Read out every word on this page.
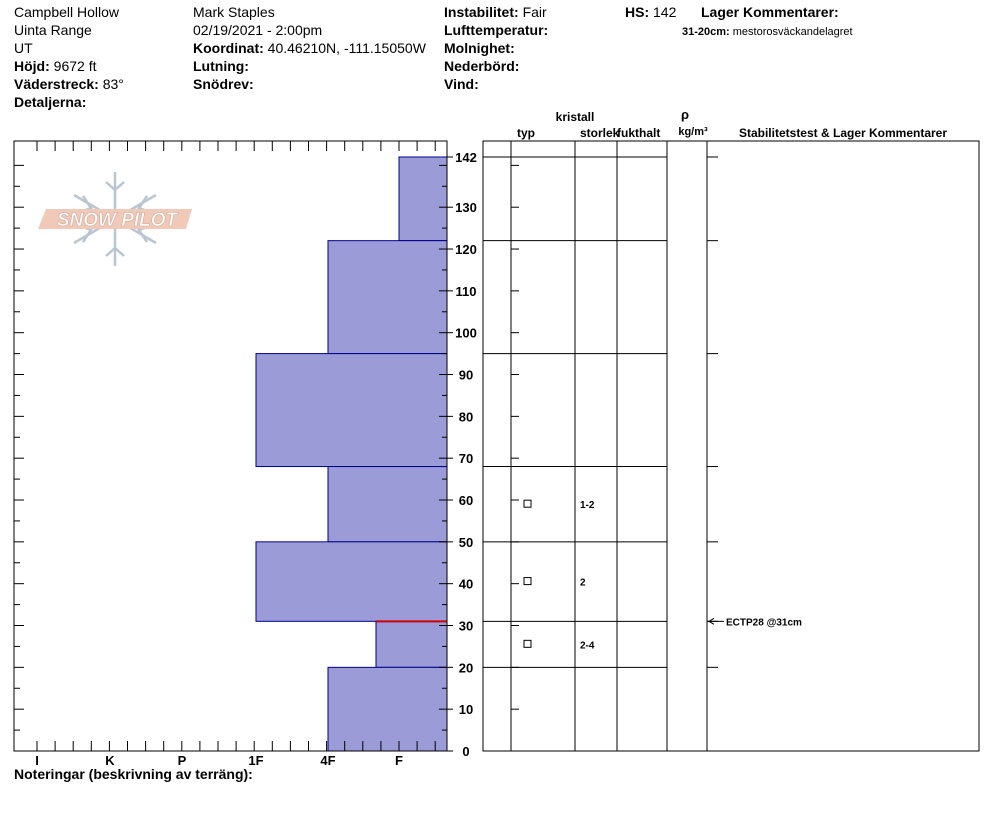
Campbell Hollow
Uinta Range
UT
Höjd: 9672 ft
Väderstreck: 83°
Detaljerna:
Mark Staples
02/19/2021 - 2:00pm
Koordinat: 40.46210N, -111.15050W
Lutning:
Snödrev:
Instabilitet: Fair
Lufttemperatur:
Molnighet:
Nederbörd:
Vind:
HS: 142 Lager Kommentarer:
31-20cm: mestorosväckandelagret
SNOW PILOT
I	K	P	1F	4F	F
0
10
20
30
40
50
60
70
80
90
100
110
120
130
142
1-2
2
2-4
ECTP28 @31cm
kristall
typ	storlek
fukthalt
ρ
kg/m³	Stabilitetstest & Lager Kommentarer
Noteringar (beskrivning av terräng):
